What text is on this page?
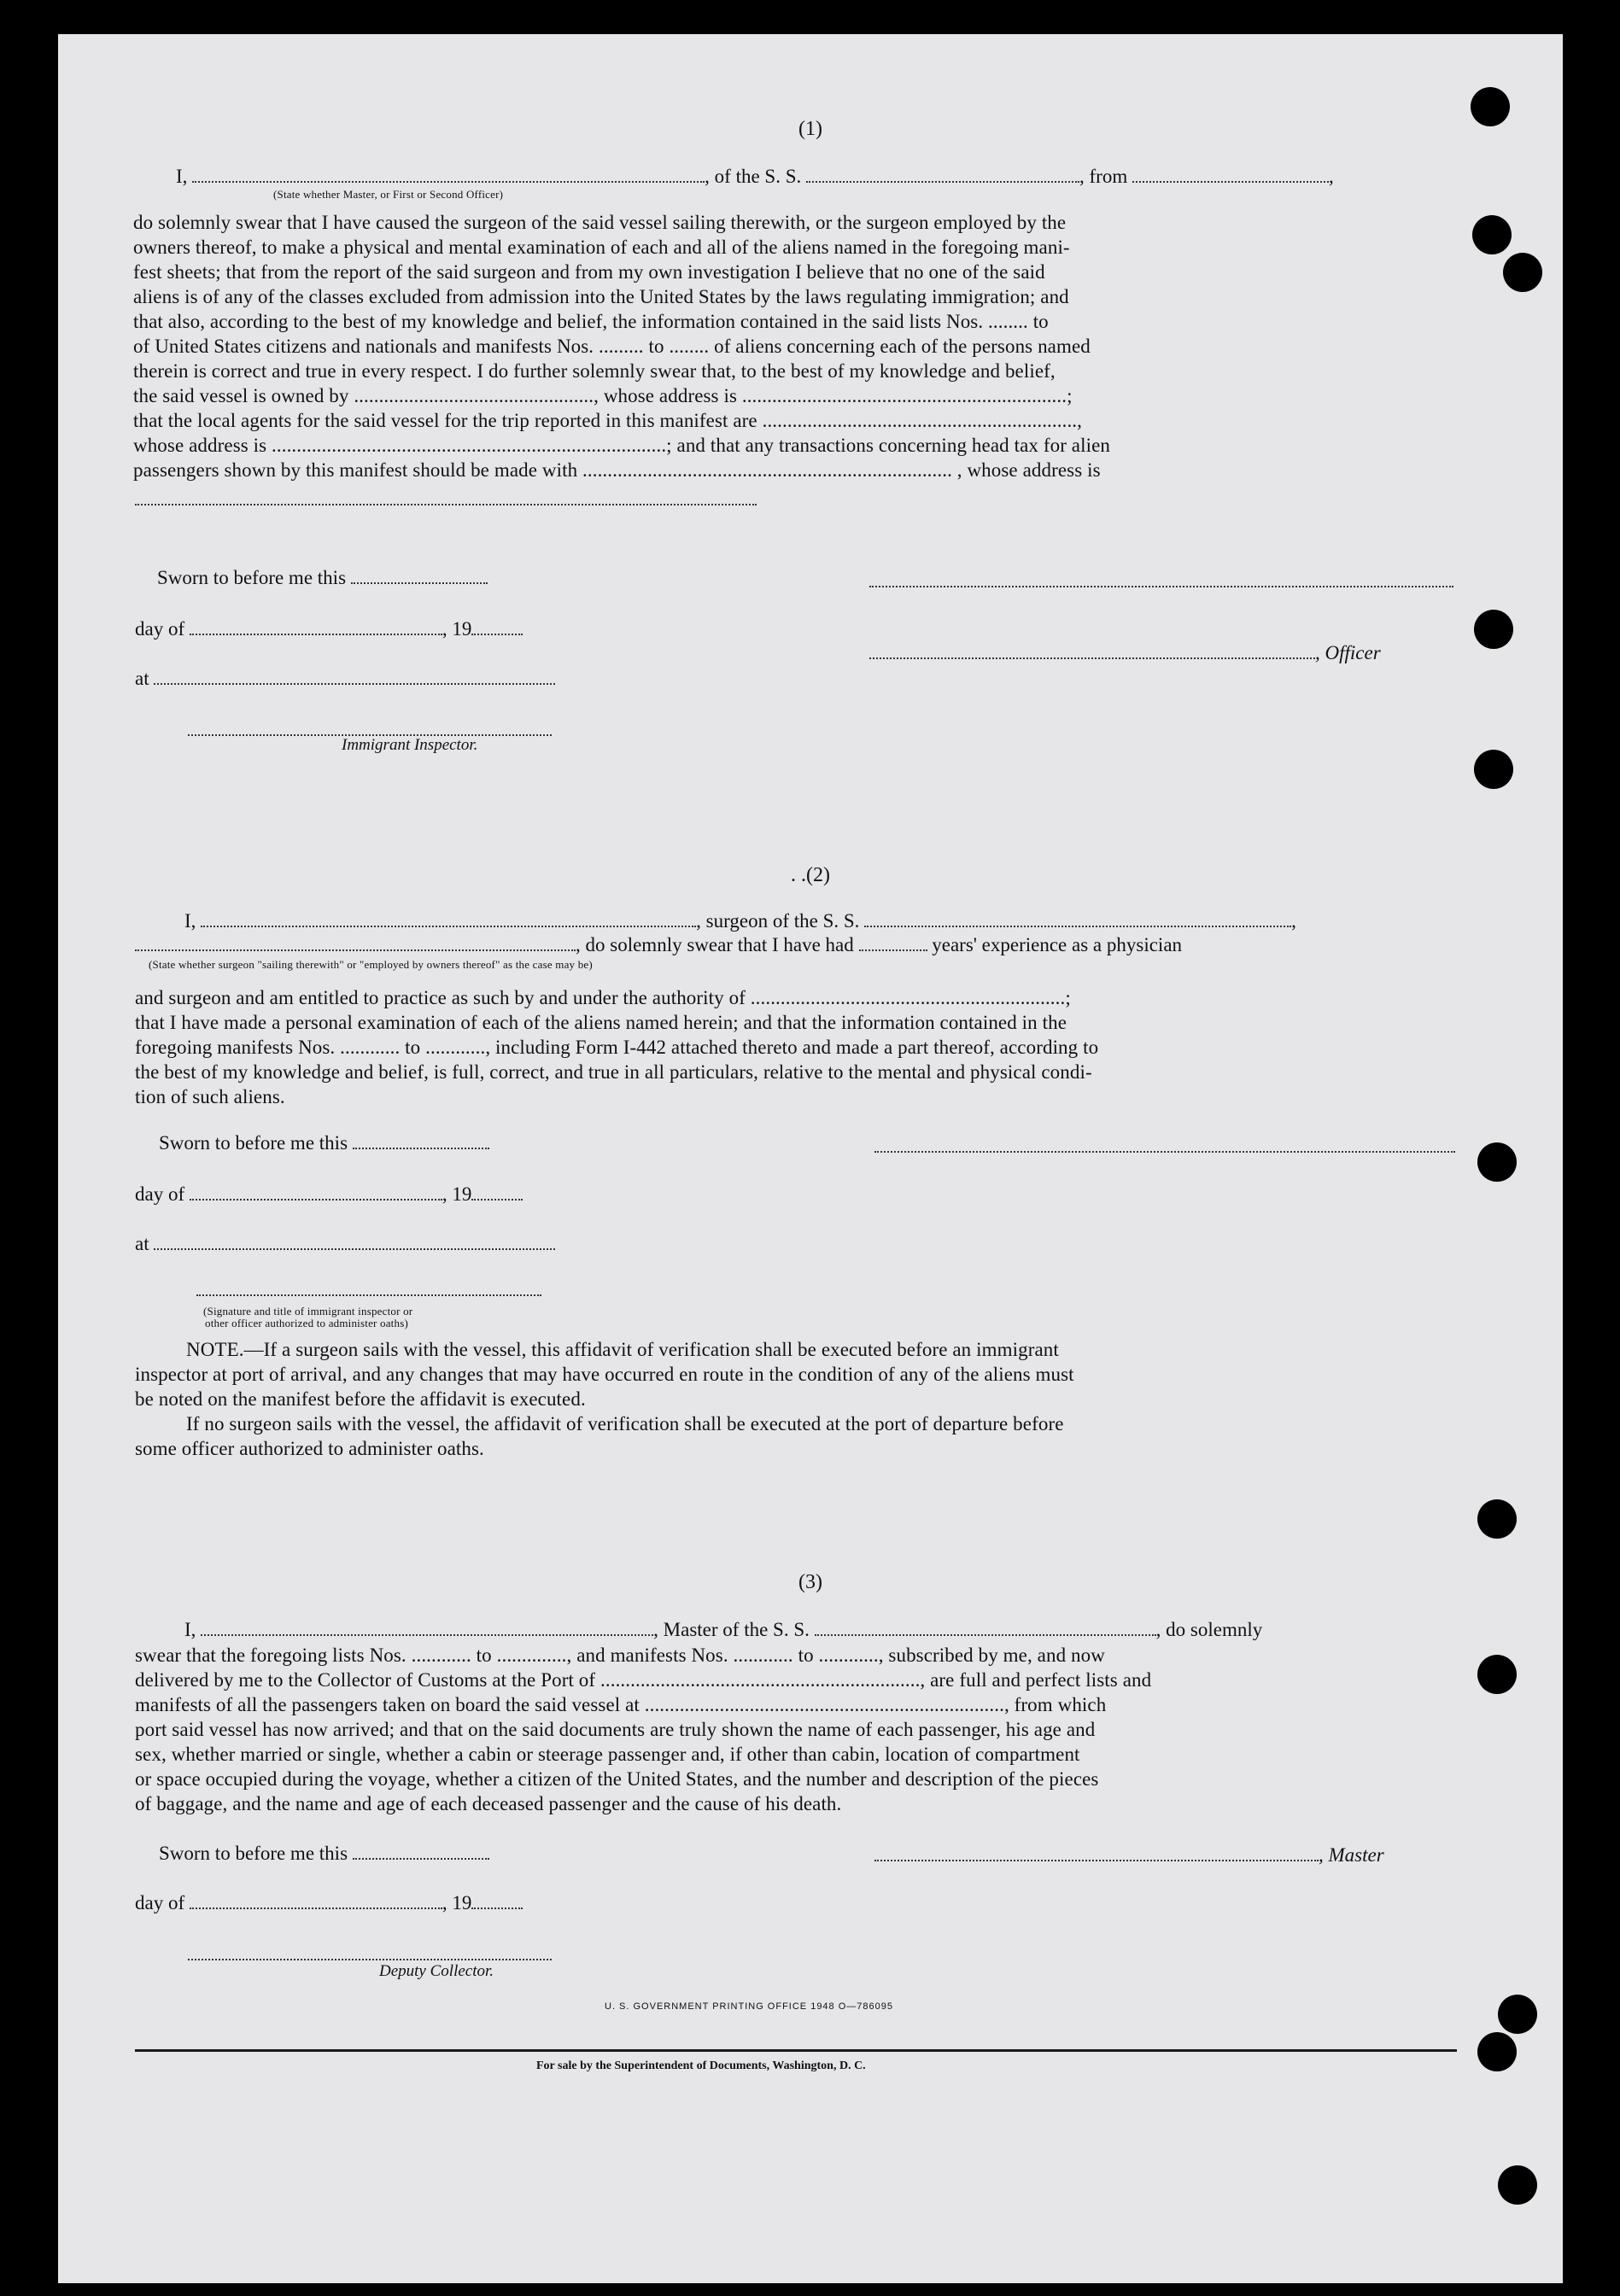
(1)
I,	, of the S. S.	, from	,
(State whether Master, or First or Second Officer)
do solemnly swear that I have caused the surgeon of the said vessel sailing therewith, or the surgeon employed by the
owners thereof, to make a physical and mental examination of each and all of the aliens named in the foregoing mani-
fest sheets; that from the report of the said surgeon and from my own investigation I believe that no one of the said
aliens is of any of the classes excluded from admission into the United States by the laws regulating immigration; and
that also, according to the best of my knowledge and belief, the information contained in the said lists Nos. ........ to
of United States citizens and nationals and manifests Nos. ......... to ........ of aliens concerning each of the persons named
therein is correct and true in every respect. I do further solemnly swear that, to the best of my knowledge and belief,
the said vessel is owned by ................................................, whose address is .................................................................;
that the local agents for the said vessel for the trip reported in this manifest are ...............................................................,
whose address is ...............................................................................; and that any transactions concerning head tax for alien
passengers shown by this manifest should be made with .......................................................................... , whose address is
Sworn to before me this
day of	, 19
, Officer
at
Immigrant Inspector.
. .(2)
I,	, surgeon of the S. S.	,
, do solemnly swear that I have had	years' experience as a physician
(State whether surgeon "sailing therewith" or "employed by owners thereof" as the case may be)
and surgeon and am entitled to practice as such by and under the authority of ...............................................................;
that I have made a personal examination of each of the aliens named herein; and that the information contained in the
foregoing manifests Nos. ............ to ............, including Form I-442 attached thereto and made a part thereof, according to
the best of my knowledge and belief, is full, correct, and true in all particulars, relative to the mental and physical condi-
tion of such aliens.
Sworn to before me this
day of	, 19
at
(Signature and title of immigrant inspector or
other officer authorized to administer oaths)
NOTE.—If a surgeon sails with the vessel, this affidavit of verification shall be executed before an immigrant
inspector at port of arrival, and any changes that may have occurred en route in the condition of any of the aliens must
be noted on the manifest before the affidavit is executed.
If no surgeon sails with the vessel, the affidavit of verification shall be executed at the port of departure before
some officer authorized to administer oaths.
(3)
I,	, Master of the S. S.	, do solemnly
swear that the foregoing lists Nos. ............ to .............., and manifests Nos. ............ to ............, subscribed by me, and now
delivered by me to the Collector of Customs at the Port of ................................................................, are full and perfect lists and
manifests of all the passengers taken on board the said vessel at ........................................................................, from which
port said vessel has now arrived; and that on the said documents are truly shown the name of each passenger, his age and
sex, whether married or single, whether a cabin or steerage passenger and, if other than cabin, location of compartment
or space occupied during the voyage, whether a citizen of the United States, and the number and description of the pieces
of baggage, and the name and age of each deceased passenger and the cause of his death.
Sworn to before me this	, Master
day of	, 19
Deputy Collector.
U. S. GOVERNMENT PRINTING OFFICE 1948 O—786095
For sale by the Superintendent of Documents, Washington, D. C.
